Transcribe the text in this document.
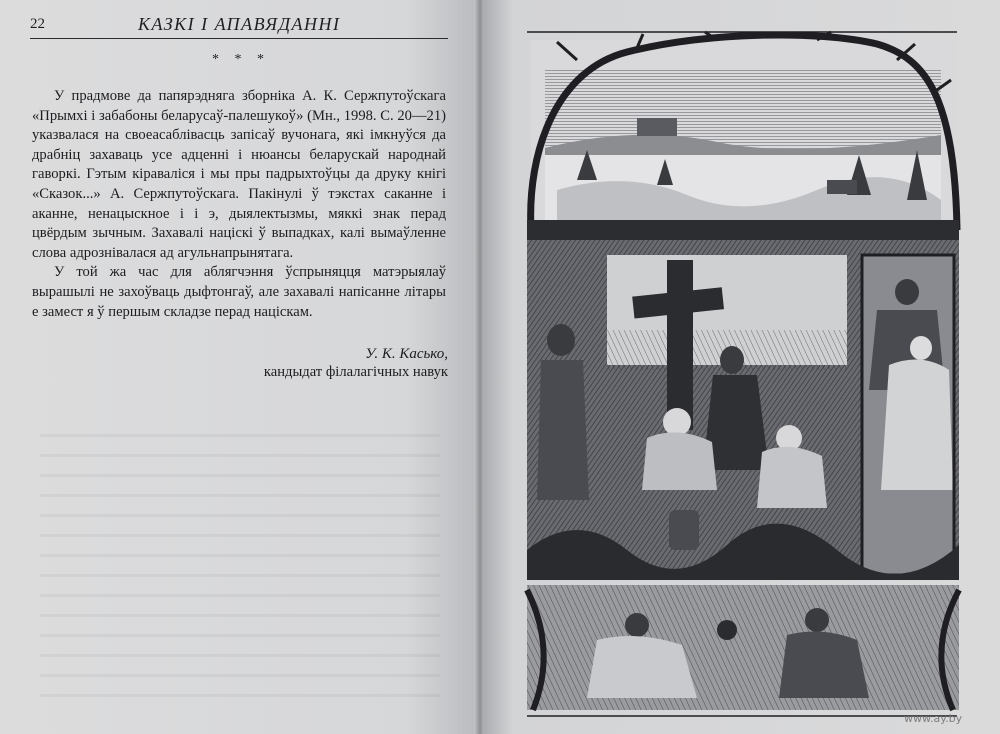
22	КАЗКІ І АПАВЯДАННІ
* * *

У прадмове да папярэдняга зборніка А. К. Сержпутоўскага «Прымхі і забабоны беларусаў-палешукоў» (Мн., 1998. С. 20—21) указвалася на своеасаблівасць запісаў вучонага, які імкнуўся да драбніц захаваць усе адценні і нюансы беларускай народнай гаворкі. Гэтым кіраваліся і мы пры падрыхтоўцы да друку кнігі «Сказок...» А. Сержпутоўскага. Пакінулі ў тэкстах саканне і аканне, ненацыскное і і э, дыялектызмы, мяккі знак перад цвёрдым зычным. Захавалі націскі ў выпадках, калі вымаўленне слова адрознівалася ад агульнапрынятага.

У той жа час для аблягчэння ўспрыняцця матэрыялаў вырашылі не захоўваць дыфтонгаў, але захавалі напісанне літары е замест я ў першым складзе перад націскам.

У. К. Касько,
кандыдат філалагічных навук
www.ay.by
